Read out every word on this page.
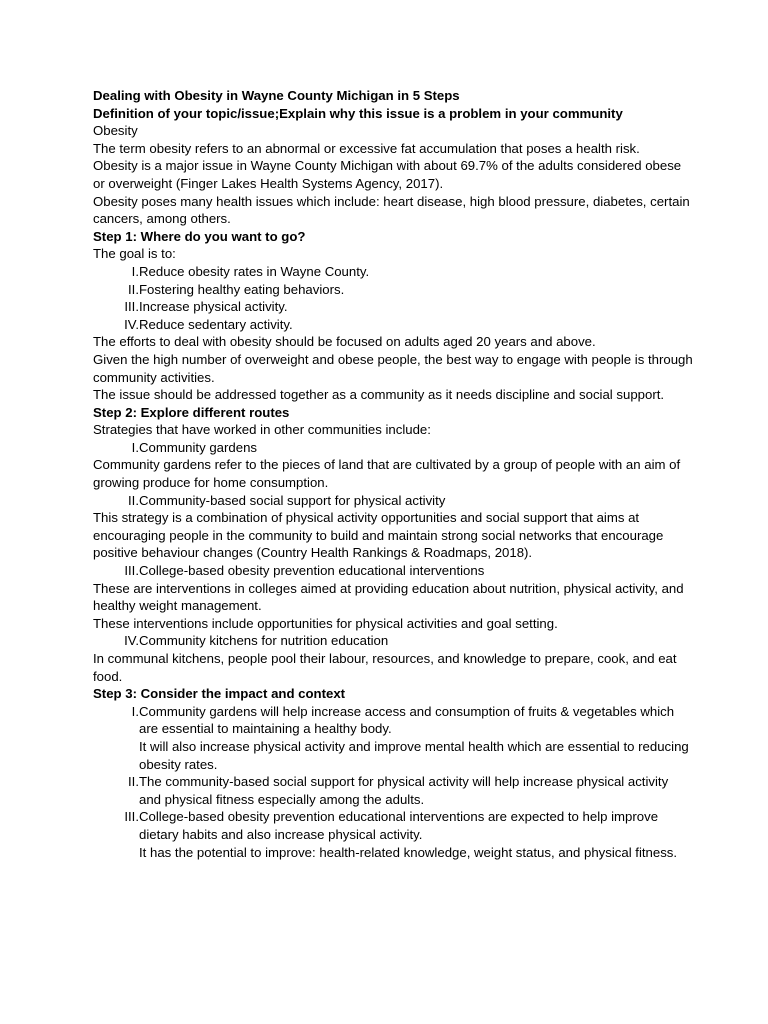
Dealing with Obesity in Wayne County Michigan in 5 Steps

Definition of your topic/issue;Explain why this issue is a problem in your community

Obesity

The term obesity refers to an abnormal or excessive fat accumulation that poses a health risk.

Obesity is a major issue in Wayne County Michigan with about 69.7% of the adults considered obese or overweight (Finger Lakes Health Systems Agency, 2017).

Obesity poses many health issues which include: heart disease, high blood pressure, diabetes, certain cancers, among others.

Step 1: Where do you want to go?

The goal is to:

I. Reduce obesity rates in Wayne County.

II. Fostering healthy eating behaviors.

III. Increase physical activity.

IV. Reduce sedentary activity.

The efforts to deal with obesity should be focused on adults aged 20 years and above.

Given the high number of overweight and obese people, the best way to engage with people is through community activities.

The issue should be addressed together as a community as it needs discipline and social support.

Step 2: Explore different routes

Strategies that have worked in other communities include:

I. Community gardens

Community gardens refer to the pieces of land that are cultivated by a group of people with an aim of growing produce for home consumption.

II. Community-based social support for physical activity

This strategy is a combination of physical activity opportunities and social support that aims at encouraging people in the community to build and maintain strong social networks that encourage positive behaviour changes (Country Health Rankings & Roadmaps, 2018).

III. College-based obesity prevention educational interventions

These are interventions in colleges aimed at providing education about nutrition, physical activity, and healthy weight management.

These interventions include opportunities for physical activities and goal setting.

IV. Community kitchens for nutrition education

In communal kitchens, people pool their labour, resources, and knowledge to prepare, cook, and eat food.

Step 3: Consider the impact and context

I. Community gardens will help increase access and consumption of fruits & vegetables which are essential to maintaining a healthy body.

It will also increase physical activity and improve mental health which are essential to reducing obesity rates.

II. The community-based social support for physical activity will help increase physical activity and physical fitness especially among the adults.

III. College-based obesity prevention educational interventions are expected to help improve dietary habits and also increase physical activity.

It has the potential to improve: health-related knowledge, weight status, and physical fitness.
